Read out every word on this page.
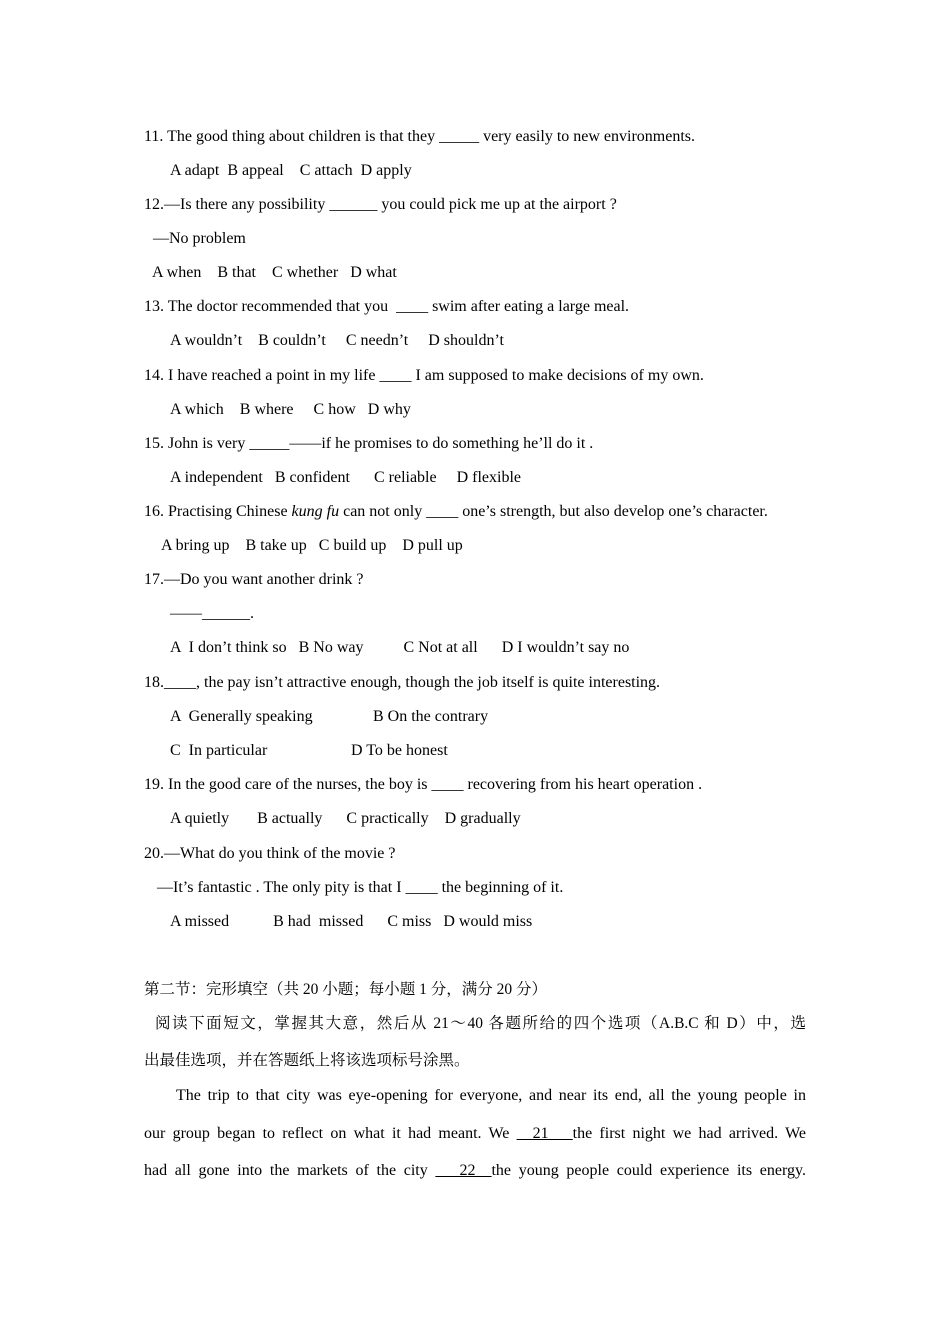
11. The good thing about children is that they _____ very easily to new environments.
A adapt  B appeal    C attach  D apply
12.—Is there any possibility ______ you could pick me up at the airport ?
—No problem
A when    B that    C whether   D what
13. The doctor recommended that you  ____ swim after eating a large meal.
A wouldn’t    B couldn’t     C needn’t     D shouldn’t
14. I have reached a point in my life ____ I am supposed to make decisions of my own.
A which    B where     C how   D why
15. John is very _____——if he promises to do something he’ll do it .
A independent   B confident      C reliable     D flexible
16. Practising Chinese kung fu can not only ____ one’s strength, but also develop one’s character.
A bring up    B take up   C build up    D pull up
17.—Do you want another drink ?
——______.
A  I don’t think so   B No way          C Not at all      D I wouldn’t say no
18.____, the pay isn’t attractive enough, though the job itself is quite interesting.
A  Generally speaking	B On the contrary
C  In particular	D To be honest
19. In the good care of the nurses, the boy is ____ recovering from his heart operation .
A quietly       B actually      C practically    D gradually
20.—What do you think of the movie ?
—It’s fantastic . The only pity is that I ____ the beginning of it.
A missed           B had  missed      C miss   D would miss
第二节：完形填空（共 20 小题；每小题 1 分，满分 20 分）
阅读下面短文，掌握其大意，然后从 21～40 各题所给的四个选项（A.B.C 和 D）中，选
出最佳选项，并在答题纸上将该选项标号涂黑。
The trip to that city was eye-opening for everyone, and near its end, all the young people in
our group began to reflect on what it had meant. We __21___the first night we had arrived. We
had all gone into the markets of the city ___22__the young people could experience its energy.
